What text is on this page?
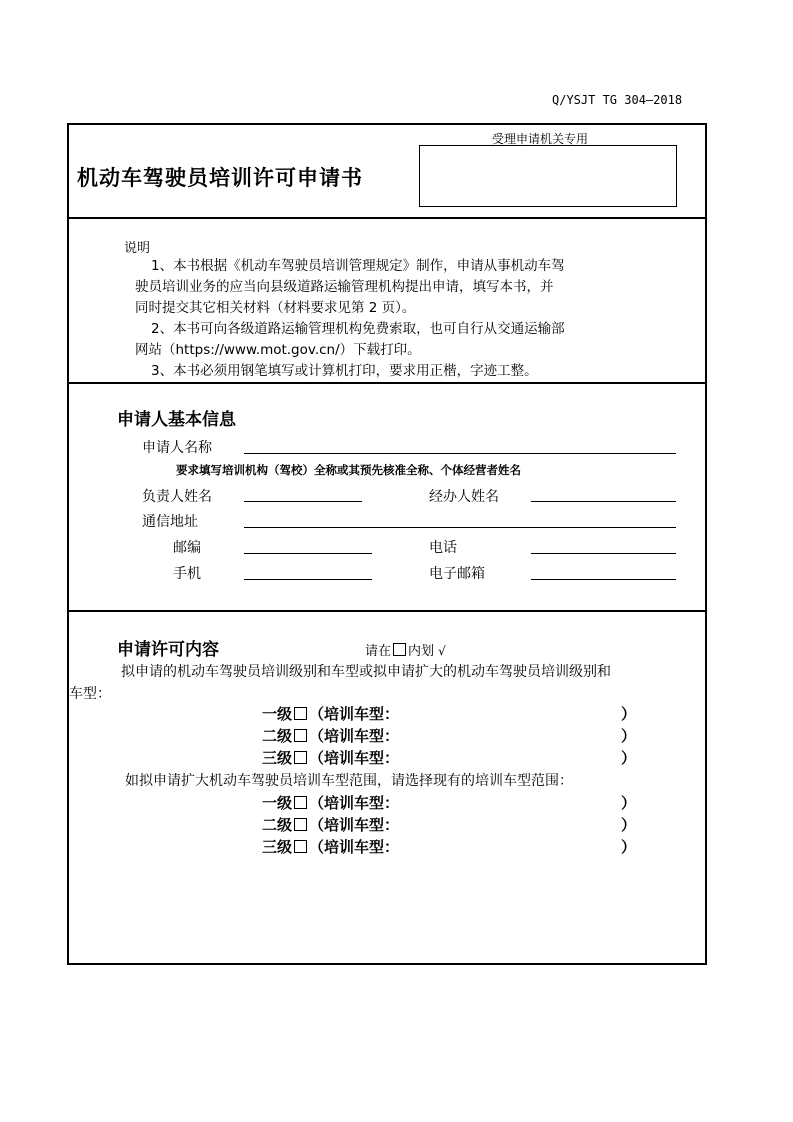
Q/YSJT TG 304—2018
机动车驾驶员培训许可申请书
受理申请机关专用
说明
1、本书根据《机动车驾驶员培训管理规定》制作，申请从事机动车驾
驶员培训业务的应当向县级道路运输管理机构提出申请，填写本书，并
同时提交其它相关材料（材料要求见第 2 页）。
2、本书可向各级道路运输管理机构免费索取，也可自行从交通运输部
网站（https://www.mot.gov.cn/）下载打印。
3、本书必须用钢笔填写或计算机打印，要求用正楷，字迹工整。
申请人基本信息
申请人名称
要求填写培训机构（驾校）全称或其预先核准全称、个体经营者姓名
负责人姓名	经办人姓名
通信地址
邮编	电话
手机	电子邮箱
申请许可内容	请在 内划 √
拟申请的机动车驾驶员培训级别和车型或拟申请扩大的机动车驾驶员培训级别和
车型：
一级 （培训车型：	）
二级 （培训车型：	）
三级 （培训车型：	）
如拟申请扩大机动车驾驶员培训车型范围，请选择现有的培训车型范围：
一级 （培训车型：	）
二级 （培训车型：	）
三级 （培训车型：	）
